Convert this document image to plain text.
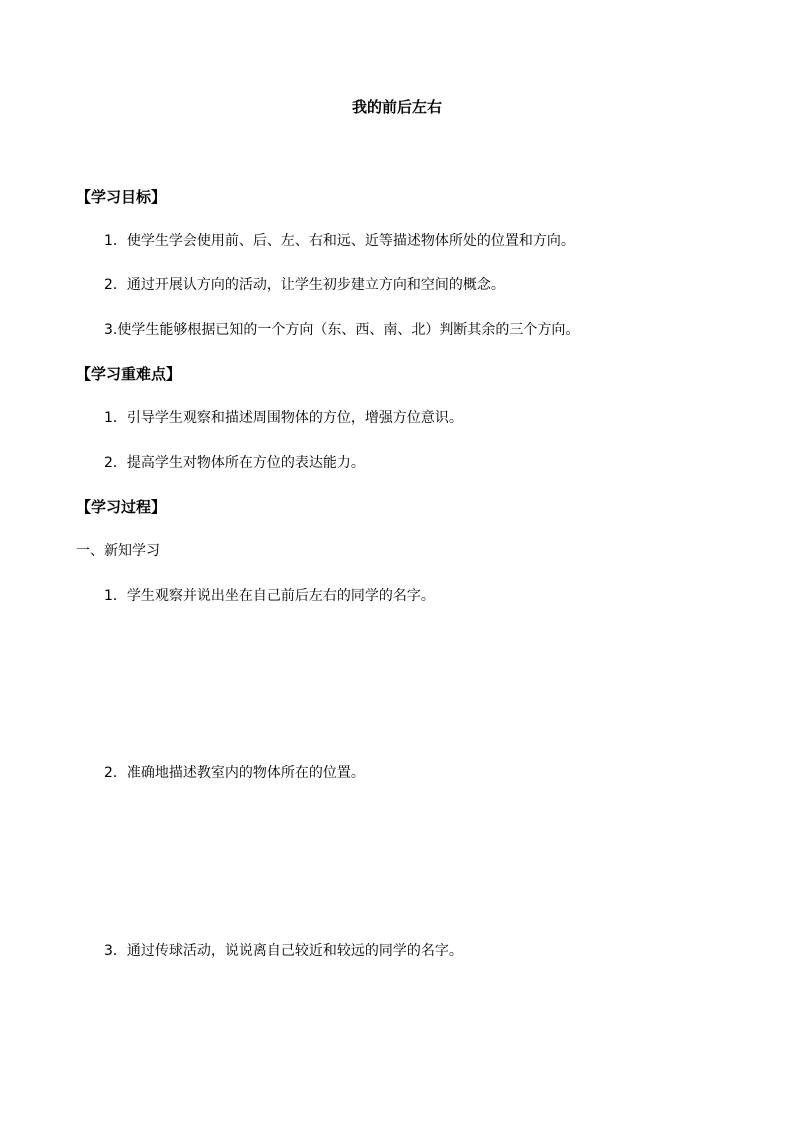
我的前后左右
【学习目标】
1．使学生学会使用前、后、左、右和远、近等描述物体所处的位置和方向。
2．通过开展认方向的活动，让学生初步建立方向和空间的概念。
3.使学生能够根据已知的一个方向（东、西、南、北）判断其余的三个方向。
【学习重难点】
1．引导学生观察和描述周围物体的方位，增强方位意识。
2．提高学生对物体所在方位的表达能力。
【学习过程】
一、新知学习
1．学生观察并说出坐在自己前后左右的同学的名字。
2．准确地描述教室内的物体所在的位置。
3．通过传球活动，说说离自己较近和较远的同学的名字。
